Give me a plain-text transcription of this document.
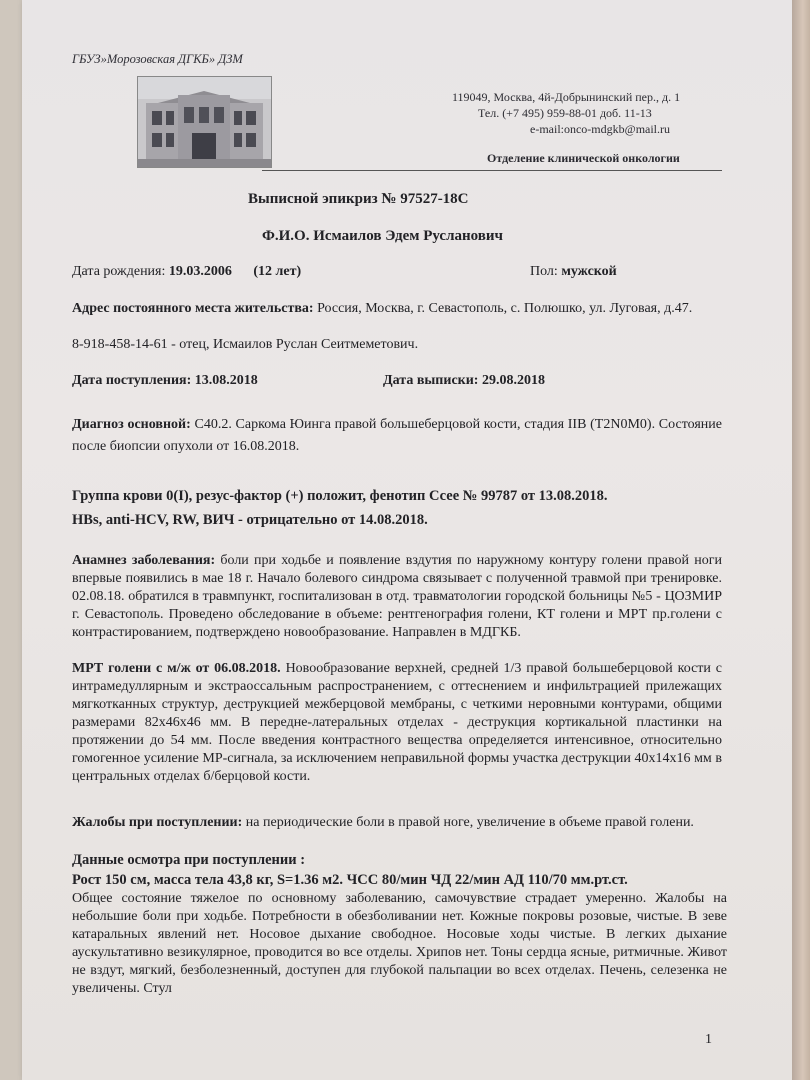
ГБУЗ»Морозовская ДГКБ» ДЗМ
119049, Москва, 4й-Добрынинский пер., д. 1
Тел. (+7 495) 959-88-01 доб. 11-13
e-mail:onco-mdgkb@mail.ru
Отделение клинической онкологии
Выписной эпикриз № 97527-18С
Ф.И.О. Исмаилов Эдем Русланович
Дата рождения: 19.03.2006 (12 лет)	Пол: мужской

Адрес постоянного места жительства: Россия, Москва, г. Севастополь, с. Полюшко, ул. Луговая, д.47.

8-918-458-14-61 - отец, Исмаилов Руслан Сеитмеметович.
Дата поступления: 13.08.2018	Дата выписки: 29.08.2018

Диагноз основной: С40.2. Саркома Юинга правой большеберцовой кости, стадия IIВ (T2N0M0). Состояние после биопсии опухоли от 16.08.2018.

Группа крови 0(I), резус-фактор (+) положит, фенотип Ссее № 99787 от 13.08.2018.
HBs, anti-HCV, RW, ВИЧ - отрицательно от 14.08.2018.

Анамнез заболевания: боли при ходьбе и появление вздутия по наружному контуру голени правой ноги впервые появились в мае 18 г. Начало болевого синдрома связывает с полученной травмой при тренировке. 02.08.18. обратился в травмпункт, госпитализован в отд. травматологии городской больницы №5 - ЦОЗМИР г. Севастополь. Проведено обследование в объеме: рентгенография голени, КТ голени и МРТ пр.голени с контрастированием, подтверждено новообразование. Направлен в МДГКБ.

МРТ голени с м/ж от 06.08.2018. Новообразование верхней, средней 1/3 правой большеберцовой кости с интрамедуллярным и экстраоссальным распространением, с оттеснением и инфильтрацией прилежащих мягкотканных структур, деструкцией межберцовой мембраны, с четкими неровными контурами, общими размерами 82х46х46 мм. В передне-латеральных отделах - деструкция кортикальной пластинки на протяжении до 54 мм. После введения контрастного вещества определяется интенсивное, относительно гомогенное усиление МР-сигнала, за исключением неправильной формы участка деструкции 40х14х16 мм в центральных отделах б/берцовой кости.

Жалобы при поступлении: на периодические боли в правой ноге, увеличение в объеме правой голени.

Данные осмотра при поступлении :
Рост 150 см, масса тела 43,8 кг, S=1.36 м2. ЧСС 80/мин ЧД 22/мин АД 110/70 мм.рт.ст.

Общее состояние тяжелое по основному заболеванию, самочувствие страдает умеренно. Жалобы на небольшие боли при ходьбе. Потребности в обезболивании нет. Кожные покровы розовые, чистые. В зеве катаральных явлений нет. Носовое дыхание свободное. Носовые ходы чистые. В легких дыхание аускультативно везикулярное, проводится во все отделы. Хрипов нет. Тоны сердца ясные, ритмичные. Живот не вздут, мягкий, безболезненный, доступен для глубокой пальпации во всех отделах. Печень, селезенка не увеличены. Стул

1
